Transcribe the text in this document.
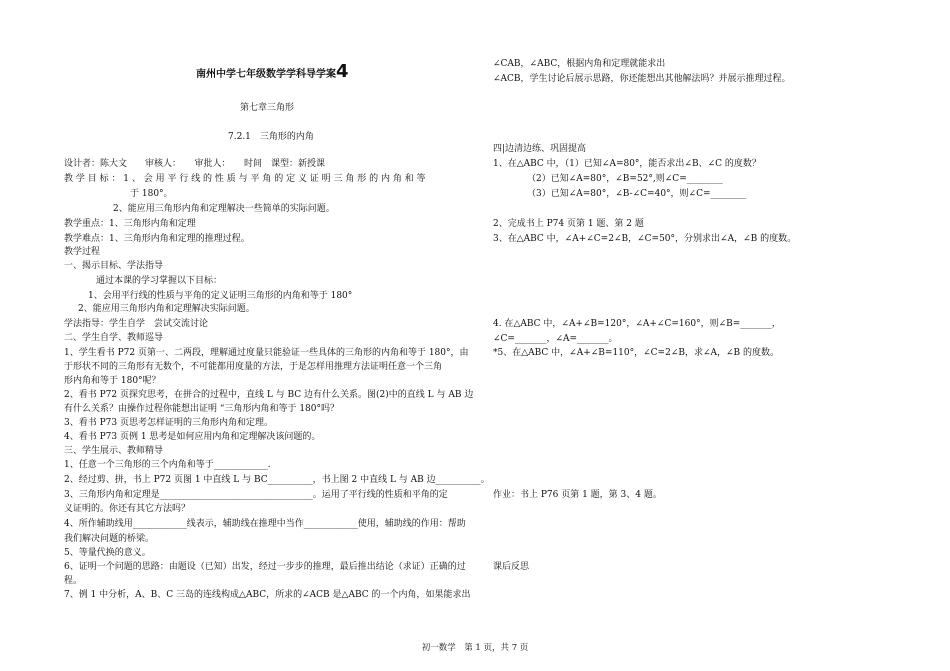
南州中学七年级数学学科导学案4
第七章三角形
7.2.1　三角形的内角
设计者：陈大文　　审核人：　　审批人：　　时间　课型：新授课
教 学 目 标 ： 1 、 会 用 平 行 线 的 性 质 与 平 角 的 定 义 证 明 三 角 形 的 内 角 和 等
于 180°。
2、能应用三角形内角和定理解决一些简单的实际问题。
教学重点：1、三角形内角和定理
教学难点：1、三角形内角和定理的推理过程。
教学过程
一、揭示目标、学法指导
通过本课的学习掌握以下目标：
1、会用平行线的性质与平角的定义证明三角形的内角和等于 180°
2、能应用三角形内角和定理解决实际问题。
学法指导：学生自学　尝试交流讨论
二、学生自学、教师巡导
1、学生看书 P72 页第一、二两段，理解通过度量只能验证一些具体的三角形的内角和等于 180°，由
于形状不同的三角形有无数个，不可能都用度量的方法，于是怎样用推理方法证明任意一个三角
形内角和等于 180°呢？
2、看书 P72 页探究思考，在拼合的过程中，直线 L 与 BC 边有什么关系。图(2)中的直线 L 与 AB 边
有什么关系？由操作过程你能想出证明 “三角形内角和等于 180°吗？
3、看书 P73 页思考怎样证明的三角形内角和定理。
4、看书 P73 页例 1 思考是如何应用内角和定理解决该问题的。
三、学生展示、教师精导
1、任意一个三角形的三个内角和等于____________.
2、经过剪、拼，书上 P72 页图 1 中直线 L 与 BC__________，书上图 2 中直线 L 与 AB 边__________。
3、三角形内角和定理是__________________________________。运用了平行线的性质和平角的定
义证明的。你还有其它方法吗？
4、所作辅助线用____________线表示，辅助线在推理中当作____________使用，辅助线的作用：帮助
我们解决问题的桥梁。
5、等量代换的意义。
6、证明一个问题的思路：由题设（已知）出发，经过一步步的推理，最后推出结论（求证）正确的过
程。
7、例 1 中分析，A、B、C 三岛的连线构成△ABC，所求的∠ACB 是△ABC 的一个内角，如果能求出
∠CAB，∠ABC，根据内角和定理就能求出
∠ACB，学生讨论后展示思路，你还能想出其他解法吗？并展示推理过程。
四|边清边练、巩固提高
1、在△ABC 中，（1）已知∠A=80°，能否求出∠B、∠C 的度数？
（2）已知∠A=80°，∠B=52°,则∠C=________
（3）已知∠A=80°，∠B-∠C=40°，则∠C=________
2、完成书上 P74 页第 1 题、第 2 题
3、在△ABC 中，∠A+∠C=2∠B，∠C=50°，分别求出∠A，∠B 的度数。
4. 在△ABC 中，∠A+∠B=120°，∠A+∠C=160°，则∠B=_______，
∠C=_______，∠A=_______。
*5、在△ABC 中，∠A+∠B=110°，∠C=2∠B，求∠A，∠B 的度数。
作业：书上 P76 页第 1 题，第 3、4 题。
课后反思
初一数学　第 1 页，共 7 页
